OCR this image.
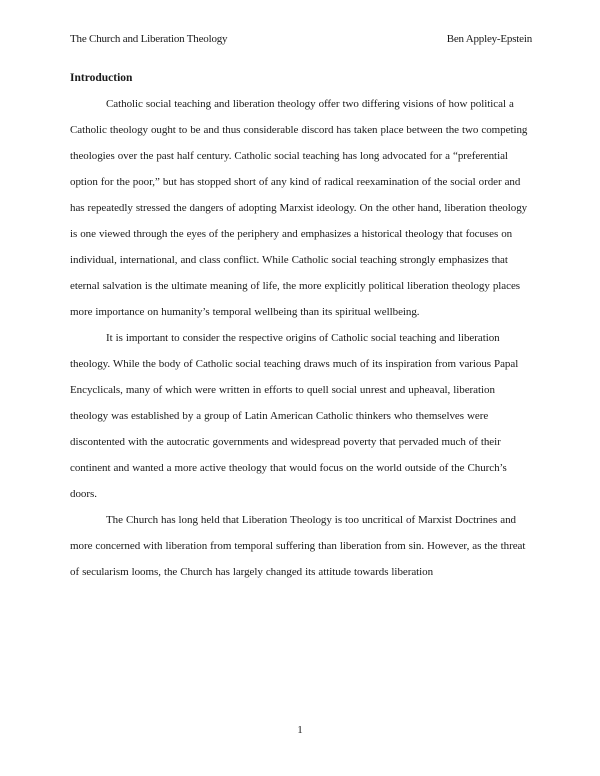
The Church and Liberation Theology	Ben Appley-Epstein
Introduction

Catholic social teaching and liberation theology offer two differing visions of how political a Catholic theology ought to be and thus considerable discord has taken place between the two competing theologies over the past half century. Catholic social teaching has long advocated for a “preferential option for the poor,” but has stopped short of any kind of radical reexamination of the social order and has repeatedly stressed the dangers of adopting Marxist ideology. On the other hand, liberation theology is one viewed through the eyes of the periphery and emphasizes a historical theology that focuses on individual, international, and class conflict. While Catholic social teaching strongly emphasizes that eternal salvation is the ultimate meaning of life, the more explicitly political liberation theology places more importance on humanity’s temporal wellbeing than its spiritual wellbeing.

It is important to consider the respective origins of Catholic social teaching and liberation theology. While the body of Catholic social teaching draws much of its inspiration from various Papal Encyclicals, many of which were written in efforts to quell social unrest and upheaval, liberation theology was established by a group of Latin American Catholic thinkers who themselves were discontented with the autocratic governments and widespread poverty that pervaded much of their continent and wanted a more active theology that would focus on the world outside of the Church’s doors.

The Church has long held that Liberation Theology is too uncritical of Marxist Doctrines and more concerned with liberation from temporal suffering than liberation from sin. However, as the threat of secularism looms, the Church has largely changed its attitude towards liberation

1
